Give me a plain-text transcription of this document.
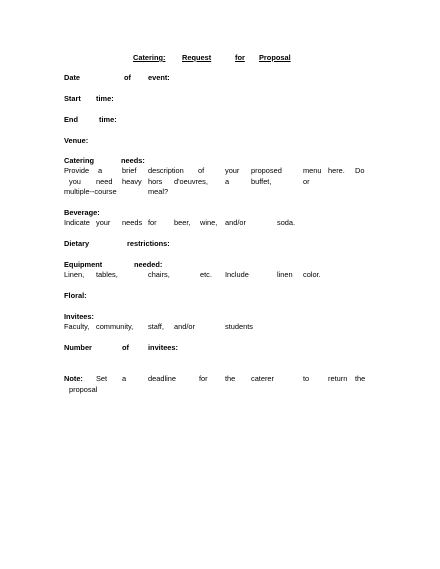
Catering: Request	for Proposal
Date	of event:
Start time:
End	time:
Venue:
Catering	needs:
Provide a	brief description of	your proposed	menu here. Do
you need heavy hors d'oeuvres, a	buffet,	or
multiple--course	meal?
Beverage:
Indicate your needs for beer, wine, and/or	soda.
Dietary	restrictions:
Equipment	needed:
Linen, tables,	chairs,	etc. Include	linen color.
Floral:
Invitees:
Faculty, community, staff, and/or	students
Number	of	invitees:
Note: Set a	deadline	for the caterer	to	return the
proposal
